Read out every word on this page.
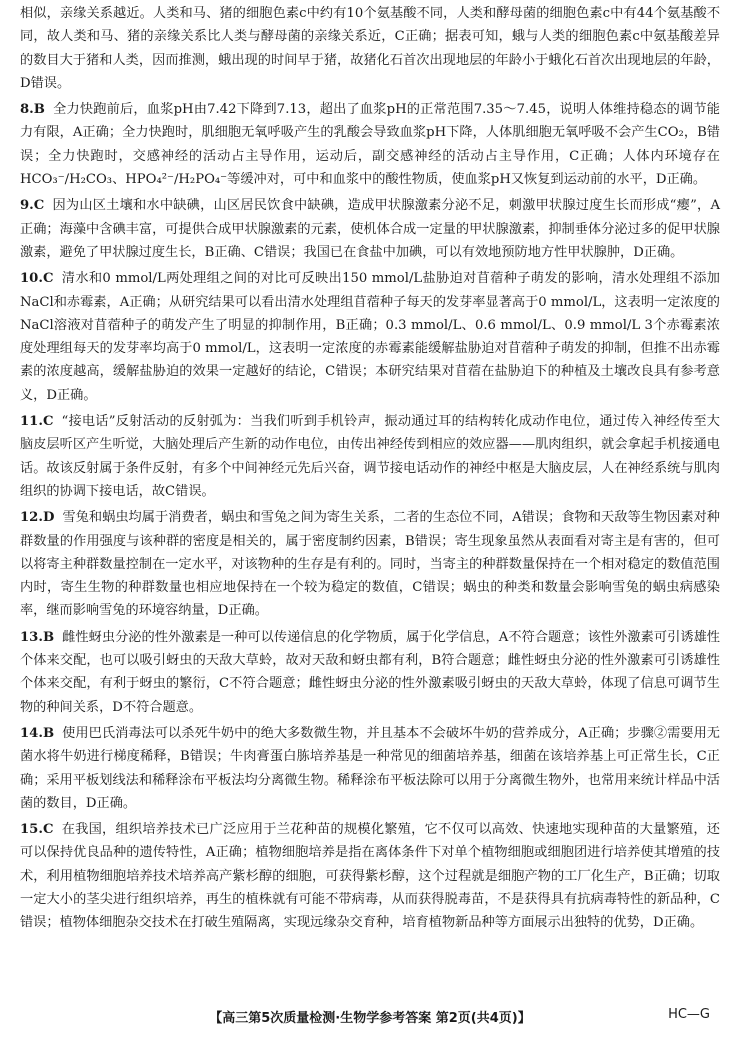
相似，亲缘关系越近。人类和马、猪的细胞色素c中约有10个氨基酸不同，人类和酵母菌的细胞色素c中有44个氨基酸不同，故人类和马、猪的亲缘关系比人类与酵母菌的亲缘关系近，C正确；据表可知，蛾与人类的细胞色素c中氨基酸差异的数目大于猪和人类，因而推测，蛾出现的时间早于猪，故猪化石首次出现地层的年龄小于蛾化石首次出现地层的年龄，D错误。

8.B 全力快跑前后，血浆pH由7.42下降到7.13，超出了血浆pH的正常范围7.35～7.45，说明人体维持稳态的调节能力有限，A正确；全力快跑时，肌细胞无氧呼吸产生的乳酸会导致血浆pH下降，人体肌细胞无氧呼吸不会产生CO₂，B错误；全力快跑时，交感神经的活动占主导作用，运动后，副交感神经的活动占主导作用，C正确；人体内环境存在HCO₃⁻/H₂CO₃、HPO₄²⁻/H₂PO₄⁻等缓冲对，可中和血浆中的酸性物质，使血浆pH又恢复到运动前的水平，D正确。
9.C 因为山区土壤和水中缺碘，山区居民饮食中缺碘，造成甲状腺激素分泌不足，刺激甲状腺过度生长而形成“瘿”，A正确；海藻中含碘丰富，可提供合成甲状腺激素的元素，使机体合成一定量的甲状腺激素，抑制垂体分泌过多的促甲状腺激素，避免了甲状腺过度生长，B正确、C错误；我国已在食盐中加碘，可以有效地预防地方性甲状腺肿，D正确。
10.C 清水和0 mmol/L两处理组之间的对比可反映出150 mmol/L盐胁迫对苜蓿种子萌发的影响，清水处理组不添加NaCl和赤霉素，A正确；从研究结果可以看出清水处理组苜蓿种子每天的发芽率显著高于0 mmol/L，这表明一定浓度的NaCl溶液对苜蓿种子的萌发产生了明显的抑制作用，B正确；0.3 mmol/L、0.6 mmol/L、0.9 mmol/L 3个赤霉素浓度处理组每天的发芽率均高于0 mmol/L，这表明一定浓度的赤霉素能缓解盐胁迫对苜蓿种子萌发的抑制，但推不出赤霉素的浓度越高，缓解盐胁迫的效果一定越好的结论，C错误；本研究结果对苜蓿在盐胁迫下的种植及土壤改良具有参考意义，D正确。
11.C “接电话”反射活动的反射弧为：当我们听到手机铃声，振动通过耳的结构转化成动作电位，通过传入神经传至大脑皮层听区产生听觉，大脑处理后产生新的动作电位，由传出神经传到相应的效应器——肌肉组织，就会拿起手机接通电话。故该反射属于条件反射，有多个中间神经元先后兴奋，调节接电话动作的神经中枢是大脑皮层，人在神经系统与肌肉组织的协调下接电话，故C错误。
12.D 雪兔和蜗虫均属于消费者，蜗虫和雪兔之间为寄生关系，二者的生态位不同，A错误；食物和天敌等生物因素对种群数量的作用强度与该种群的密度是相关的，属于密度制约因素，B错误；寄生现象虽然从表面看对寄主是有害的，但可以将寄主种群数量控制在一定水平，对该物种的生存是有利的。同时，当寄主的种群数量保持在一个相对稳定的数值范围内时，寄生生物的种群数量也相应地保持在一个较为稳定的数值，C错误；蜗虫的种类和数量会影响雪兔的蜗虫病感染率，继而影响雪兔的环境容纳量，D正确。
13.B 雌性蚜虫分泌的性外激素是一种可以传递信息的化学物质，属于化学信息，A不符合题意；该性外激素可引诱雄性个体来交配，也可以吸引蚜虫的天敌大草蛉，故对天敌和蚜虫都有利，B符合题意；雌性蚜虫分泌的性外激素可引诱雄性个体来交配，有利于蚜虫的繁衍，C不符合题意；雌性蚜虫分泌的性外激素吸引蚜虫的天敌大草蛉，体现了信息可调节生物的种间关系，D不符合题意。
14.B 使用巴氏消毒法可以杀死牛奶中的绝大多数微生物，并且基本不会破坏牛奶的营养成分，A正确；步骤②需要用无菌水将牛奶进行梯度稀释，B错误；牛肉膏蛋白胨培养基是一种常见的细菌培养基，细菌在该培养基上可正常生长，C正确；采用平板划线法和稀释涂布平板法均分离微生物。稀释涂布平板法除可以用于分离微生物外，也常用来统计样品中活菌的数目，D正确。
15.C 在我国，组织培养技术已广泛应用于兰花种苗的规模化繁殖，它不仅可以高效、快速地实现种苗的大量繁殖，还可以保持优良品种的遗传特性，A正确；植物细胞培养是指在离体条件下对单个植物细胞或细胞团进行培养使其增殖的技术，利用植物细胞培养技术培养高产紫杉醇的细胞，可获得紫杉醇，这个过程就是细胞产物的工厂化生产，B正确；切取一定大小的茎尖进行组织培养，再生的植株就有可能不带病毒，从而获得脱毒苗，不是获得具有抗病毒特性的新品种，C错误；植物体细胞杂交技术在打破生殖隔离，实现远缘杂交育种，培育植物新品种等方面展示出独特的优势，D正确。
【高三第5次质量检测·生物学参考答案 第2页(共4页)】	HC—G
